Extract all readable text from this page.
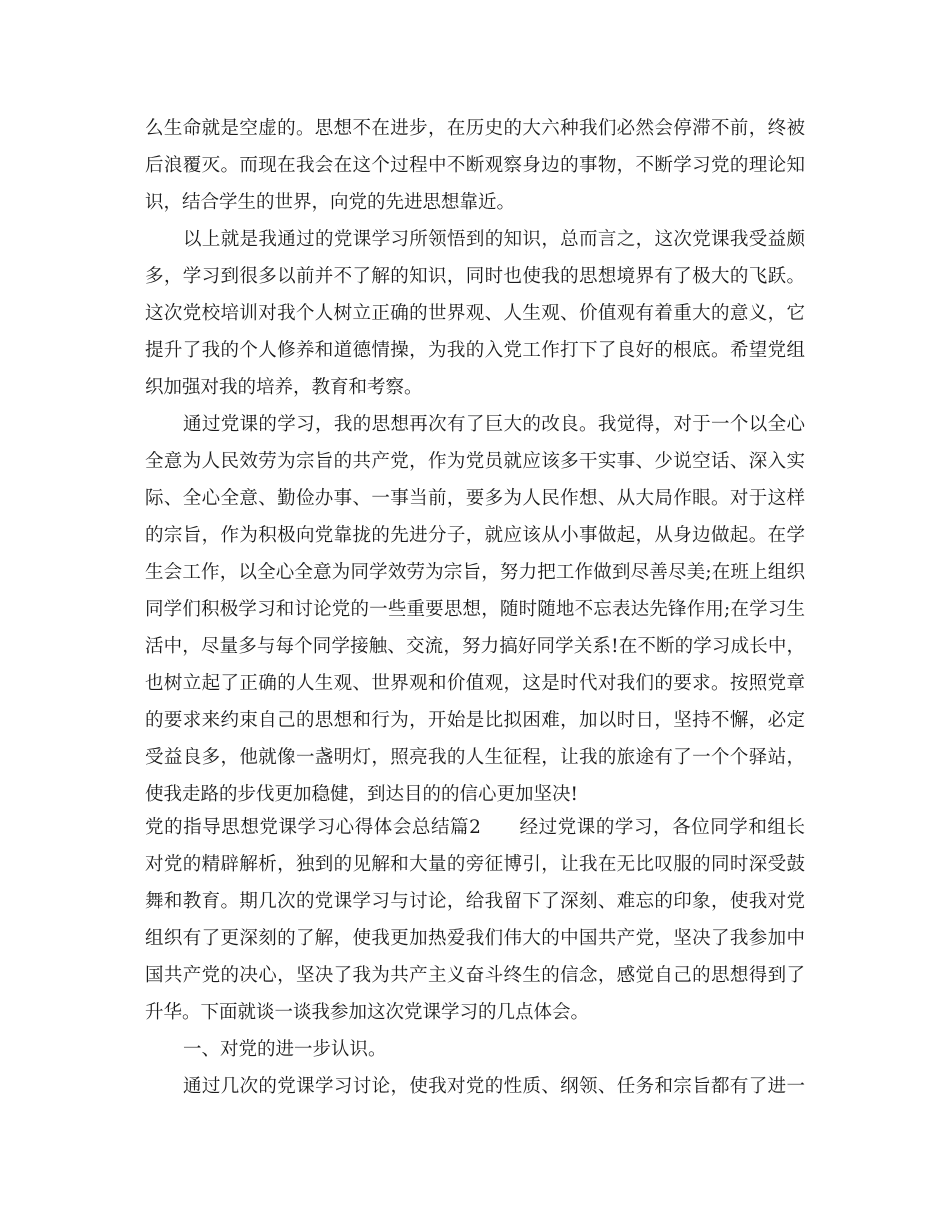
么生命就是空虚的。思想不在进步，在历史的大六种我们必然会停滞不前，终被
后浪覆灭。而现在我会在这个过程中不断观察身边的事物，不断学习党的理论知
识，结合学生的世界，向党的先进思想靠近。
以上就是我通过的党课学习所领悟到的知识，总而言之，这次党课我受益颇
多，学习到很多以前并不了解的知识，同时也使我的思想境界有了极大的飞跃。
这次党校培训对我个人树立正确的世界观、人生观、价值观有着重大的意义，它
提升了我的个人修养和道德情操，为我的入党工作打下了良好的根底。希望党组
织加强对我的培养，教育和考察。
通过党课的学习，我的思想再次有了巨大的改良。我觉得，对于一个以全心
全意为人民效劳为宗旨的共产党，作为党员就应该多干实事、少说空话、深入实
际、全心全意、勤俭办事、一事当前，要多为人民作想、从大局作眼。对于这样
的宗旨，作为积极向党靠拢的先进分子，就应该从小事做起，从身边做起。在学
生会工作，以全心全意为同学效劳为宗旨，努力把工作做到尽善尽美;在班上组织
同学们积极学习和讨论党的一些重要思想，随时随地不忘表达先锋作用;在学习生
活中，尽量多与每个同学接触、交流，努力搞好同学关系!在不断的学习成长中，
也树立起了正确的人生观、世界观和价值观，这是时代对我们的要求。按照党章
的要求来约束自己的思想和行为，开始是比拟困难，加以时日，坚持不懈，必定
受益良多，他就像一盏明灯，照亮我的人生征程，让我的旅途有了一个个驿站，
使我走路的步伐更加稳健，到达目的的信心更加坚决!
党的指导思想党课学习心得体会总结篇2　　经过党课的学习，各位同学和组长
对党的精辟解析，独到的见解和大量的旁征博引，让我在无比叹服的同时深受鼓
舞和教育。期几次的党课学习与讨论，给我留下了深刻、难忘的印象，使我对党
组织有了更深刻的了解，使我更加热爱我们伟大的中国共产党，坚决了我参加中
国共产党的决心，坚决了我为共产主义奋斗终生的信念，感觉自己的思想得到了
升华。下面就谈一谈我参加这次党课学习的几点体会。
一、对党的进一步认识。
通过几次的党课学习讨论，使我对党的性质、纲领、任务和宗旨都有了进一
